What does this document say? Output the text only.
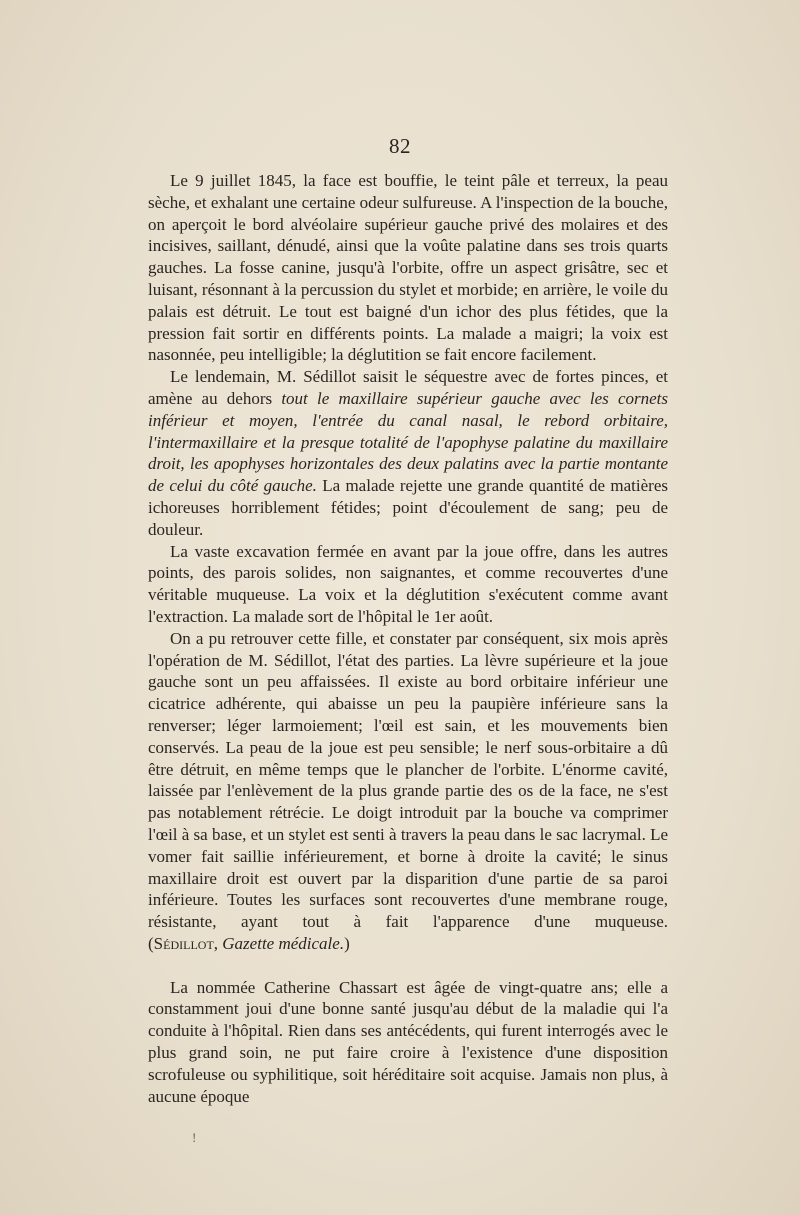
82

Le 9 juillet 1845, la face est bouffie, le teint pâle et terreux, la peau sèche, et exhalant une certaine odeur sulfureuse. A l'inspection de la bouche, on aperçoit le bord alvéolaire supérieur gauche privé des molaires et des incisives, saillant, dénudé, ainsi que la voûte palatine dans ses trois quarts gauches. La fosse canine, jusqu'à l'orbite, offre un aspect grisâtre, sec et luisant, résonnant à la percussion du stylet et morbide; en arrière, le voile du palais est détruit. Le tout est baigné d'un ichor des plus fétides, que la pression fait sortir en différents points. La malade a maigri; la voix est nasonnée, peu intelligible; la déglutition se fait encore facilement.

Le lendemain, M. Sédillot saisit le séquestre avec de fortes pinces, et amène au dehors tout le maxillaire supérieur gauche avec les cornets inférieur et moyen, l'entrée du canal nasal, le rebord orbitaire, l'intermaxillaire et la presque totalité de l'apophyse palatine du maxillaire droit, les apophyses horizontales des deux palatins avec la partie montante de celui du côté gauche. La malade rejette une grande quantité de matières ichoreuses horriblement fétides; point d'écoulement de sang; peu de douleur.

La vaste excavation fermée en avant par la joue offre, dans les autres points, des parois solides, non saignantes, et comme recouvertes d'une véritable muqueuse. La voix et la déglutition s'exécutent comme avant l'extraction. La malade sort de l'hôpital le 1er août.

On a pu retrouver cette fille, et constater par conséquent, six mois après l'opération de M. Sédillot, l'état des parties. La lèvre supérieure et la joue gauche sont un peu affaissées. Il existe au bord orbitaire inférieur une cicatrice adhérente, qui abaisse un peu la paupière inférieure sans la renverser; léger larmoiement; l'œil est sain, et les mouvements bien conservés. La peau de la joue est peu sensible; le nerf sous-orbitaire a dû être détruit, en même temps que le plancher de l'orbite. L'énorme cavité, laissée par l'enlèvement de la plus grande partie des os de la face, ne s'est pas notablement rétrécie. Le doigt introduit par la bouche va comprimer l'œil à sa base, et un stylet est senti à travers la peau dans le sac lacrymal. Le vomer fait saillie inférieurement, et borne à droite la cavité; le sinus maxillaire droit est ouvert par la disparition d'une partie de sa paroi inférieure. Toutes les surfaces sont recouvertes d'une membrane rouge, résistante, ayant tout à fait l'apparence d'une muqueuse. (Sédillot, Gazette médicale.)

La nommée Catherine Chassart est âgée de vingt-quatre ans; elle a constamment joui d'une bonne santé jusqu'au début de la maladie qui l'a conduite à l'hôpital. Rien dans ses antécédents, qui furent interrogés avec le plus grand soin, ne put faire croire à l'existence d'une disposition scrofuleuse ou syphilitique, soit héréditaire soit acquise. Jamais non plus, à aucune époque

!
